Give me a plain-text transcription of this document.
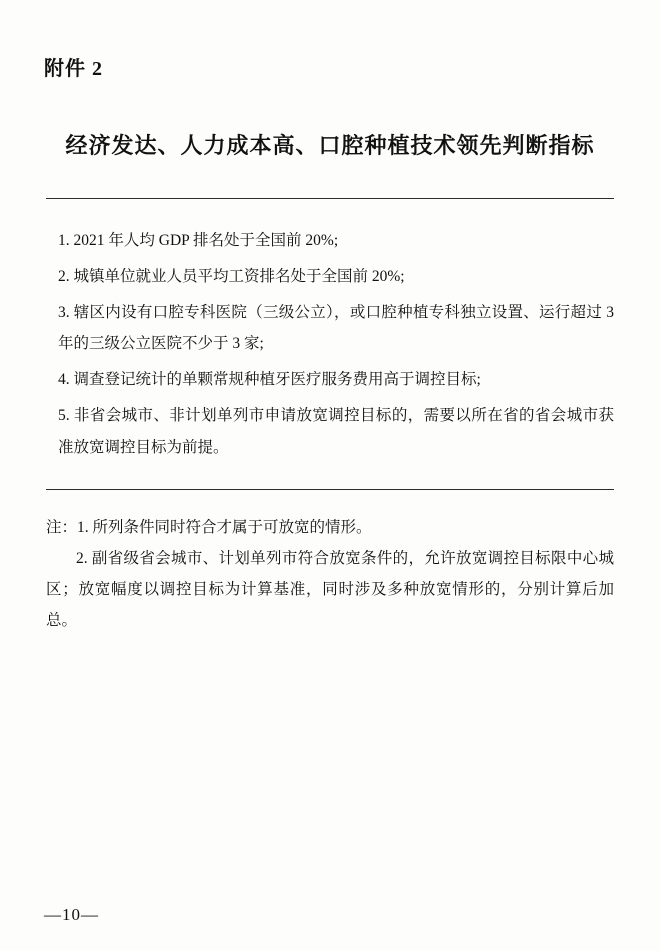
附件 2
经济发达、人力成本高、口腔种植技术领先判断指标
1. 2021 年人均 GDP 排名处于全国前 20%;
2. 城镇单位就业人员平均工资排名处于全国前 20%;
3. 辖区内设有口腔专科医院（三级公立），或口腔种植专科独立设置、运行超过 3 年的三级公立医院不少于 3 家;
4. 调查登记统计的单颗常规种植牙医疗服务费用高于调控目标;
5. 非省会城市、非计划单列市申请放宽调控目标的，需要以所在省的省会城市获准放宽调控目标为前提。

注：1. 所列条件同时符合才属于可放宽的情形。

2. 副省级省会城市、计划单列市符合放宽条件的，允许放宽调控目标限中心城区；放宽幅度以调控目标为计算基准，同时涉及多种放宽情形的，分别计算后加总。

—10—
